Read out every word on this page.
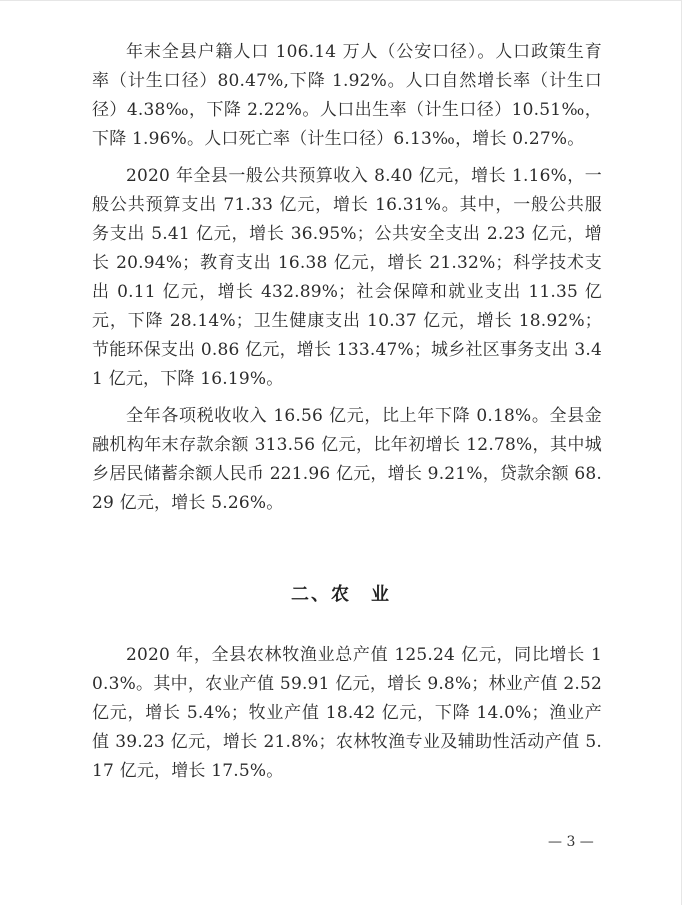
年末全县户籍人口 106.14 万人（公安口径）。人口政策生育率（计生口径）80.47%,下降 1.92%。人口自然增长率（计生口径）4.38‰，下降 2.22%。人口出生率（计生口径）10.51‰，下降 1.96%。人口死亡率（计生口径）6.13‰，增长 0.27%。

2020 年全县一般公共预算收入 8.40 亿元，增长 1.16%，一般公共预算支出 71.33 亿元，增长 16.31%。其中，一般公共服务支出 5.41 亿元，增长 36.95%；公共安全支出 2.23 亿元，增长 20.94%；教育支出 16.38 亿元，增长 21.32%；科学技术支出 0.11 亿元，增长 432.89%；社会保障和就业支出 11.35 亿元，下降 28.14%；卫生健康支出 10.37 亿元，增长 18.92%；节能环保支出 0.86 亿元，增长 133.47%；城乡社区事务支出 3.41 亿元，下降 16.19%。

全年各项税收收入 16.56 亿元，比上年下降 0.18%。全县金融机构年末存款余额 313.56 亿元，比年初增长 12.78%，其中城乡居民储蓄余额人民币 221.96 亿元，增长 9.21%，贷款余额 68.29 亿元，增长 5.26%。

二、农　业

2020 年，全县农林牧渔业总产值 125.24 亿元，同比增长 10.3%。其中，农业产值 59.91 亿元，增长 9.8%；林业产值 2.52 亿元，增长 5.4%；牧业产值 18.42 亿元，下降 14.0%；渔业产值 39.23 亿元，增长 21.8%；农林牧渔专业及辅助性活动产值 5.17 亿元，增长 17.5%。

— 3 —
